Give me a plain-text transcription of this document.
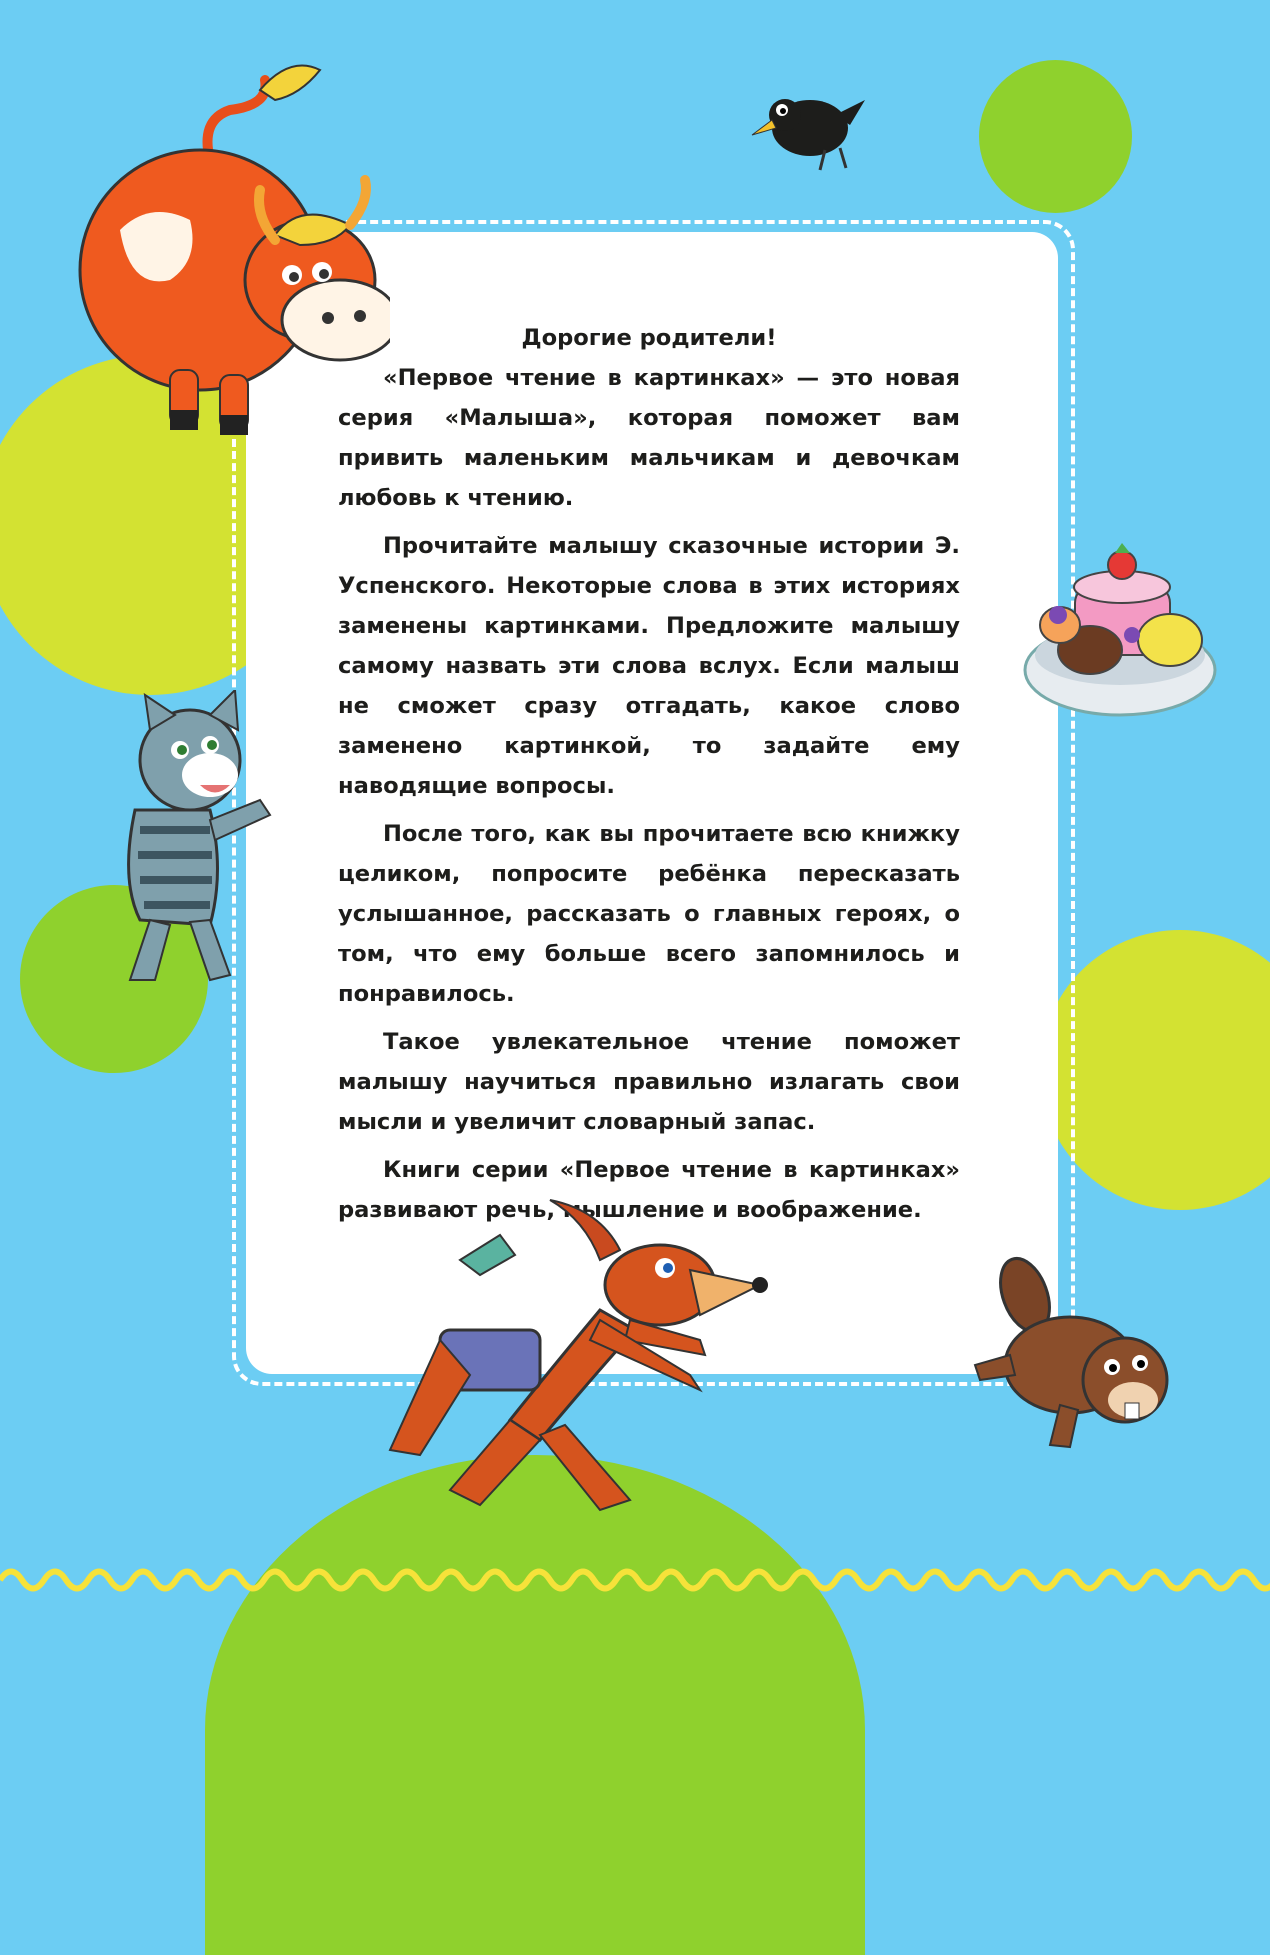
Дорогие родители!

«Первое чтение в картинках» — это новая серия «Малыша», которая поможет вам привить маленьким мальчикам и девочкам любовь к чтению.

Прочитайте малышу сказочные истории Э. Успенского. Некоторые слова в этих историях заменены картинками. Предложите малышу самому назвать эти слова вслух. Если малыш не сможет сразу отгадать, какое слово заменено картинкой, то задайте ему наводящие вопросы.

После того, как вы прочитаете всю книжку целиком, попросите ребёнка пересказать услышанное, рассказать о главных героях, о том, что ему больше всего запомнилось и понравилось.

Такое увлекательное чтение поможет малышу научиться правильно излагать свои мысли и увеличит словарный запас.

Книги серии «Первое чтение в картинках» развивают речь, мышление и воображение.
